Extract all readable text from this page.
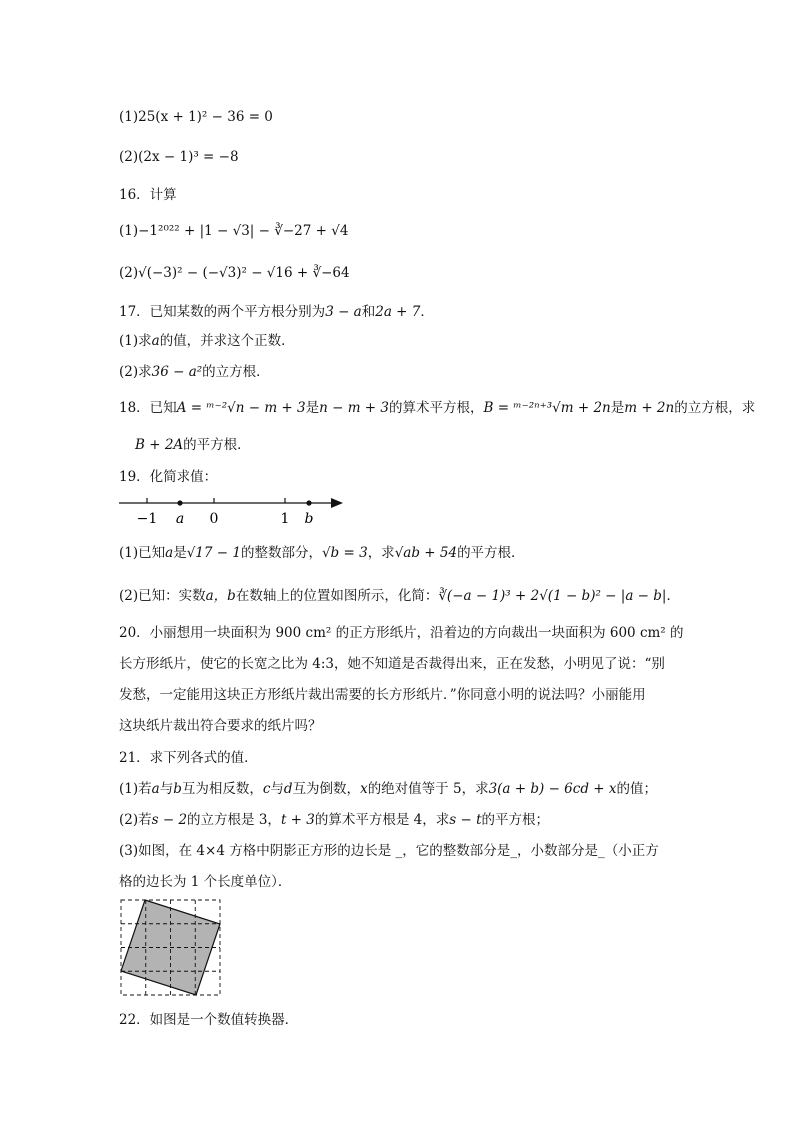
(1)25(x + 1)² − 36 = 0
(2)(2x − 1)³ = −8
16．计算
(1)−1²⁰²² + |1 − √3| − ∛−27 + √4
(2)√(−3)² − (−√3)² − √16 + ∛−64
17．已知某数的两个平方根分别为3 − a和2a + 7．
(1)求a的值，并求这个正数．
(2)求36 − a²的立方根．
18．已知A = ᵐ⁻²√n − m + 3是n − m + 3的算术平方根，B = ᵐ⁻²ⁿ⁺³√m + 2n是m + 2n的立方根，求
B + 2A的平方根．
19．化简求值：
−1 a 0	1 b
(1)已知a是√17 − 1的整数部分，√b = 3，求√ab + 54的平方根．
(2)已知：实数a，b在数轴上的位置如图所示，化简：∛(−a − 1)³ + 2√(1 − b)² − |a − b|．
20．小丽想用一块面积为 900 cm² 的正方形纸片，沿着边的方向裁出一块面积为 600 cm² 的
长方形纸片，使它的长宽之比为 4:3，她不知道是否裁得出来，正在发愁，小明见了说：“别
发愁，一定能用这块正方形纸片裁出需要的长方形纸片．”你同意小明的说法吗？小丽能用
这块纸片裁出符合要求的纸片吗？
21．求下列各式的值．
(1)若a与b互为相反数，c与d互为倒数，x的绝对值等于 5，求3(a + b) − 6cd + x的值；
(2)若s − 2的立方根是 3，t + 3的算术平方根是 4，求s − t的平方根；
(3)如图，在 4×4 方格中阴影正方形的边长是 _，它的整数部分是_，小数部分是_（小正方
格的边长为 1 个长度单位）．
22．如图是一个数值转换器．
